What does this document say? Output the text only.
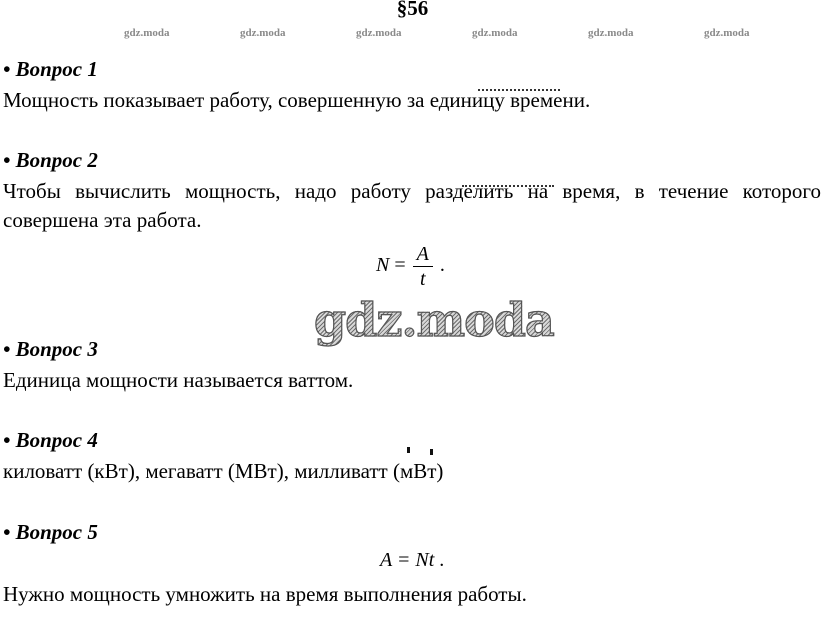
§56
gdz.moda	gdz.moda	gdz.moda	gdz.moda	gdz.moda	gdz.moda
• Вопрос 1
Мощность показывает работу, совершенную за единицу времени.
• Вопрос 2
Чтобы вычислить мощность, надо работу разделить на время, в течение которого совершена эта работа.
$N = \frac{A}{t}$ .
gdz.moda
• Вопрос 3
Единица мощности называется ваттом.
• Вопрос 4
киловатт (кВт), мегаватт (МВт), милливатт (мВт)
• Вопрос 5
A = Nt .
Нужно мощность умножить на время выполнения работы.
